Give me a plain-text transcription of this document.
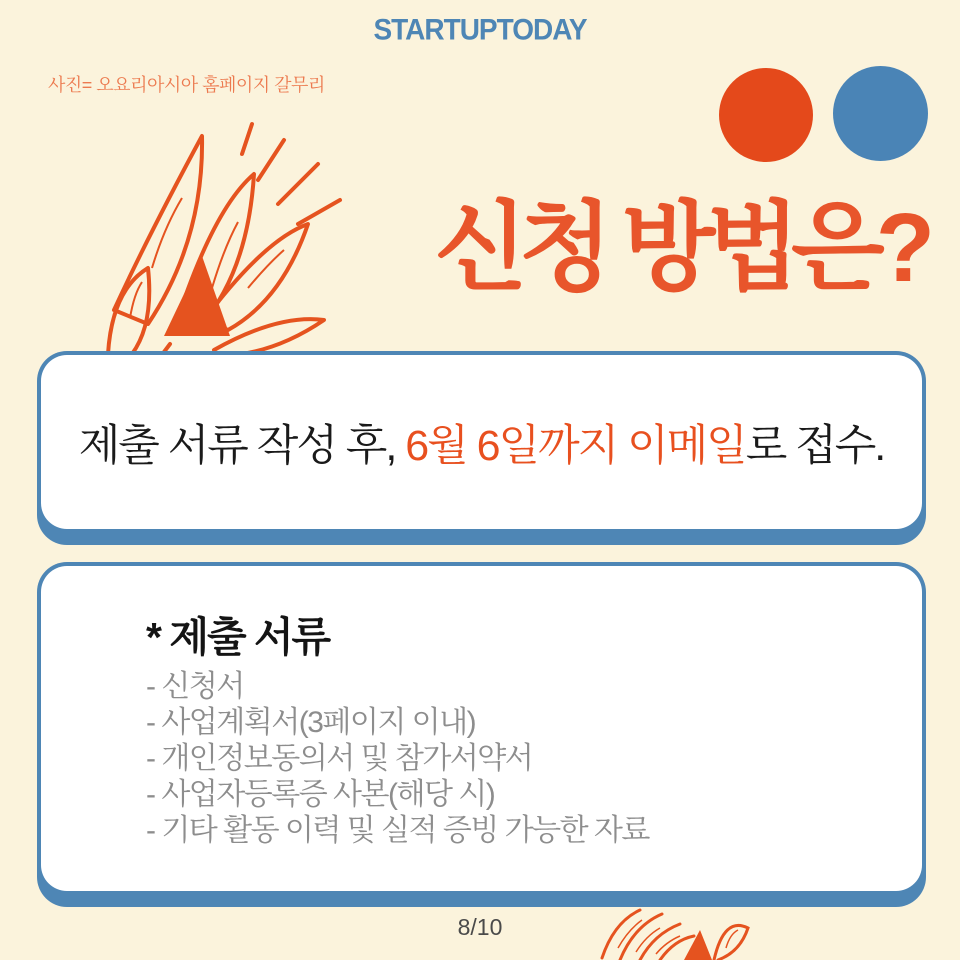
STARTUPTODAY
사진= 오요리아시아 홈페이지 갈무리
신청 방법은?
제출 서류 작성 후, 6월 6일까지 이메일로 접수.
* 제출 서류
- 신청서
- 사업계획서(3페이지 이내)
- 개인정보동의서 및 참가서약서
- 사업자등록증 사본(해당 시)
- 기타 활동 이력 및 실적 증빙 가능한 자료
8/10
